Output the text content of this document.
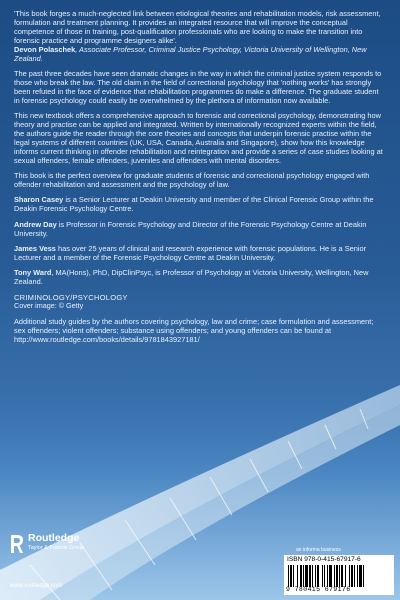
'This book forges a much-neglected link between etiological theories and rehabilitation models, risk assessment, formulation and treatment planning. It provides an integrated resource that will improve the conceptual competence of those in training, post-qualification professionals who are looking to make the transition into forensic practice and programme designers alike'.
Devon Polaschek, Associate Professor, Criminal Justice Psychology, Victoria University of Wellington, New Zealand.

The past three decades have seen dramatic changes in the way in which the criminal justice system responds to those who break the law. The old claim in the field of correctional psychology that 'nothing works' has strongly been refuted in the face of evidence that rehabilitation programmes do make a difference. The graduate student in forensic psychology could easily be overwhelmed by the plethora of information now available.

This new textbook offers a comprehensive approach to forensic and correctional psychology, demonstrating how theory and practise can be applied and integrated. Written by internationally recognized experts within the field, the authors guide the reader through the core theories and concepts that underpin forensic practise within the legal systems of different countries (UK, USA, Canada, Australia and Singapore), show how this knowledge informs current thinking in offender rehabilitation and reintegration and provide a series of case studies looking at sexual offenders, female offenders, juveniles and offenders with mental disorders.

This book is the perfect overview for graduate students of forensic and correctional psychology engaged with offender rehabilitation and assessment and the psychology of law.

Sharon Casey is a Senior Lecturer at Deakin University and member of the Clinical Forensic Group within the Deakin Forensic Psychology Centre.

Andrew Day is Professor in Forensic Psychology and Director of the Forensic Psychology Centre at Deakin University.

James Vess has over 25 years of clinical and research experience with forensic populations. He is a Senior Lecturer and a member of the Forensic Psychology Centre at Deakin University.

Tony Ward, MA(Hons), PhD, DipClinPsyc, is Professor of Psychology at Victoria University, Wellington, New Zealand.

CRIMINOLOGY/PSYCHOLOGY

Cover image: © Getty

Additional study guides by the authors covering psychology, law and crime; case formulation and assessment; sex offenders; violent offenders; substance using offenders; and young offenders can be found at http://www.routledge.com/books/details/9781843927181/

Routledge
Taylor & Francis Group
www.routledge.com
an informa business
ISBN 978-0-415-67917-6
9 780415 679176
